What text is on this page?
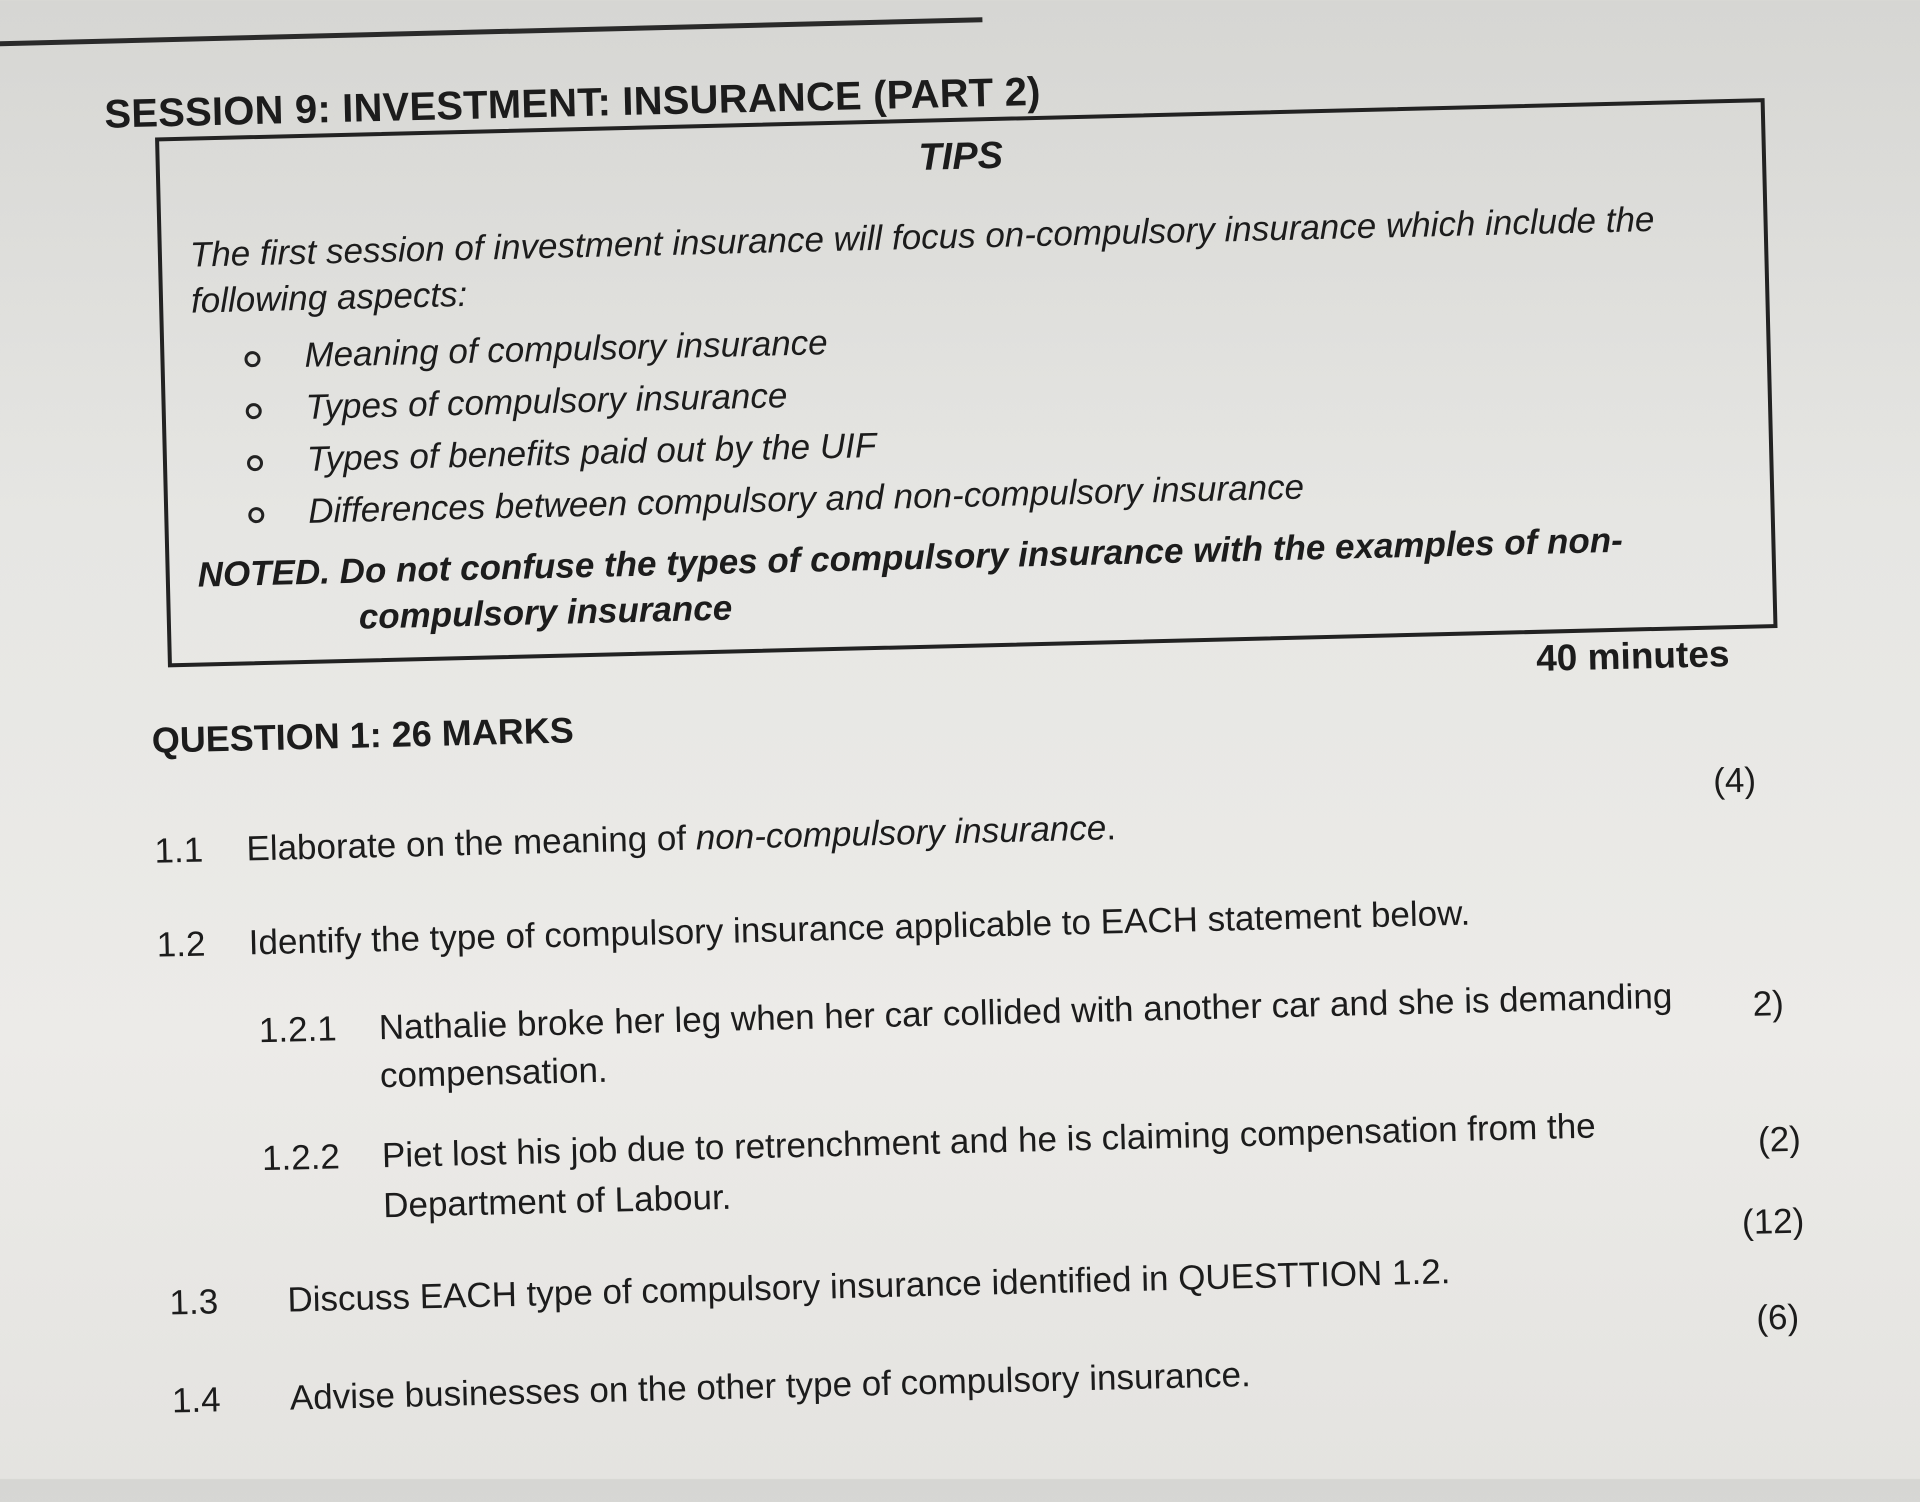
SESSION 9: INVESTMENT: INSURANCE (PART 2)
TIPS
The first session of investment insurance will focus on-compulsory insurance which include the following aspects:
Meaning of compulsory insurance
Types of compulsory insurance
Types of benefits paid out by the UIF
Differences between compulsory and non-compulsory insurance
NOTED. Do not confuse the types of compulsory insurance with the examples of non-
compulsory insurance
40 minutes
QUESTION 1: 26 MARKS
1.1 Elaborate on the meaning of non-compulsory insurance.
(4)
1.2 Identify the type of compulsory insurance applicable to EACH statement below.
1.2.1 Nathalie broke her leg when her car collided with another car and she is demanding
compensation.
2)
1.2.2 Piet lost his job due to retrenchment and he is claiming compensation from the
Department of Labour.
(2)
1.3 Discuss EACH type of compulsory insurance identified in QUESTTION 1.2.
(12)
1.4 Advise businesses on the other type of compulsory insurance.
(6)
